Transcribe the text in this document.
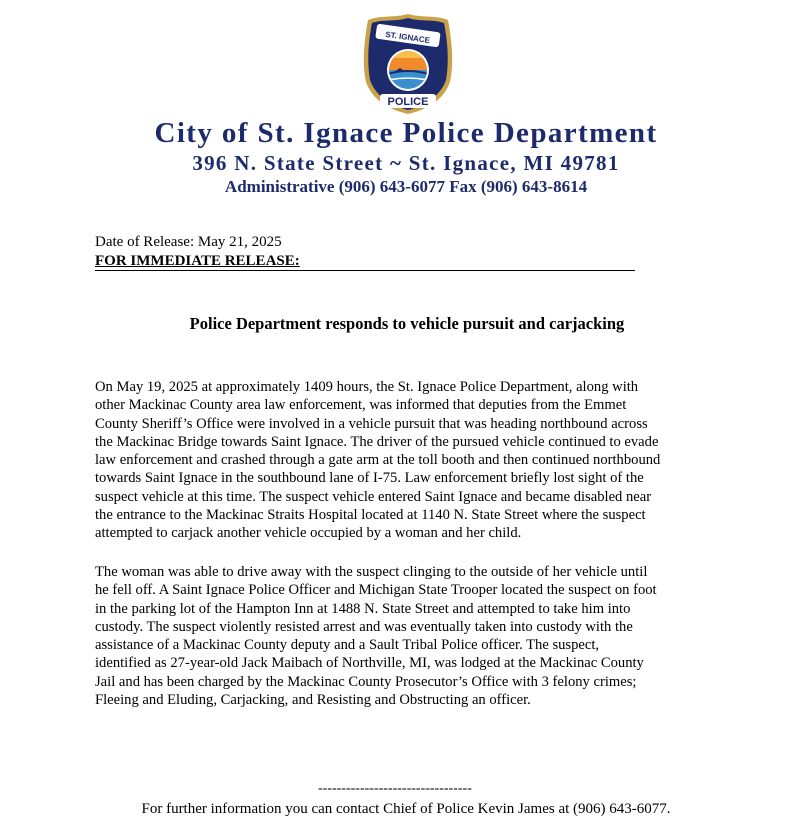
ST. IGNACE
POLICE
City of St. Ignace Police Department
396 N. State Street ~ St. Ignace, MI 49781
Administrative (906) 643-6077 Fax (906) 643-8614
Date of Release: May 21, 2025
FOR IMMEDIATE RELEASE:
Police Department responds to vehicle pursuit and carjacking

On May 19, 2025 at approximately 1409 hours, the St. Ignace Police Department, along with

other Mackinac County area law enforcement, was informed that deputies from the Emmet

County Sheriff’s Office were involved in a vehicle pursuit that was heading northbound across

the Mackinac Bridge towards Saint Ignace. The driver of the pursued vehicle continued to evade

law enforcement and crashed through a gate arm at the toll booth and then continued northbound

towards Saint Ignace in the southbound lane of I-75. Law enforcement briefly lost sight of the

suspect vehicle at this time. The suspect vehicle entered Saint Ignace and became disabled near

the entrance to the Mackinac Straits Hospital located at 1140 N. State Street where the suspect

attempted to carjack another vehicle occupied by a woman and her child.

The woman was able to drive away with the suspect clinging to the outside of her vehicle until

he fell off. A Saint Ignace Police Officer and Michigan State Trooper located the suspect on foot

in the parking lot of the Hampton Inn at 1488 N. State Street and attempted to take him into

custody. The suspect violently resisted arrest and was eventually taken into custody with the

assistance of a Mackinac County deputy and a Sault Tribal Police officer. The suspect,

identified as 27-year-old Jack Maibach of Northville, MI, was lodged at the Mackinac County

Jail and has been charged by the Mackinac County Prosecutor’s Office with 3 felony crimes;

Fleeing and Eluding, Carjacking, and Resisting and Obstructing an officer.

---------------------------------
For further information you can contact Chief of Police Kevin James at (906) 643-6077.
